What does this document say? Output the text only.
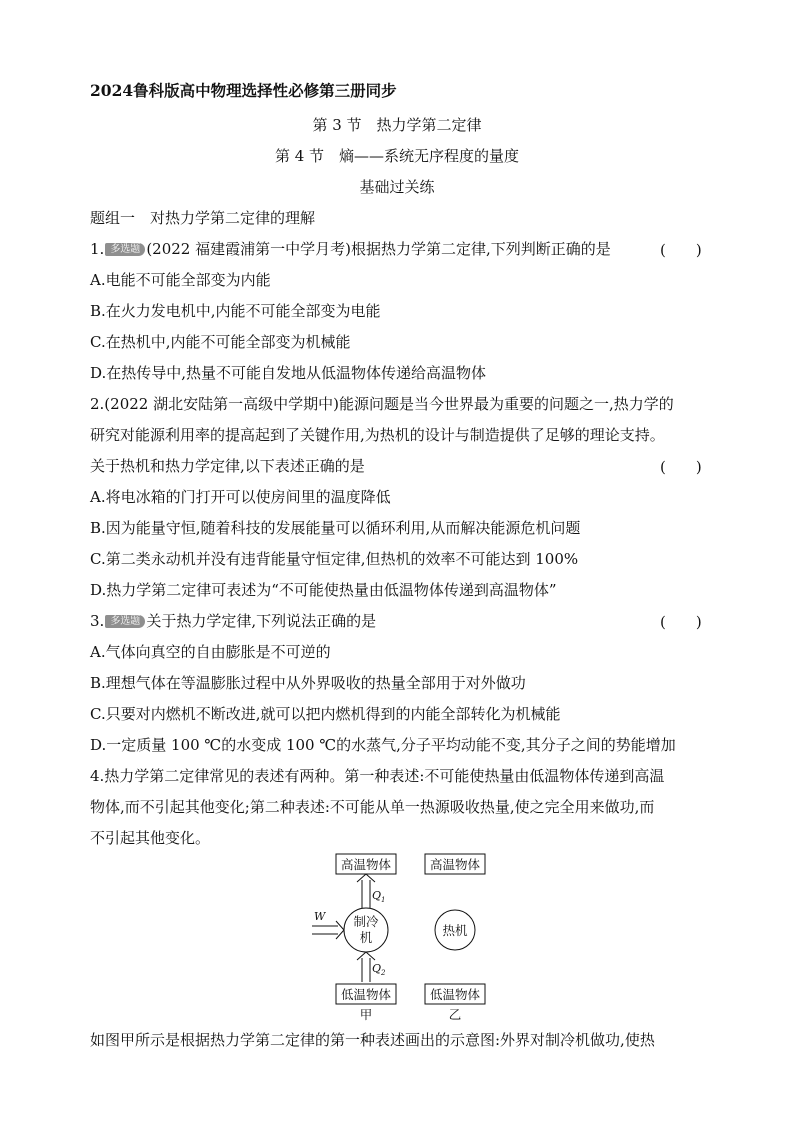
2024鲁科版高中物理选择性必修第三册同步
第 3 节　热力学第二定律
第 4 节　熵——系统无序程度的量度
基础过关练
题组一　对热力学第二定律的理解
1. 多选题 (2022 福建霞浦第一中学月考)根据热力学第二定律,下列判断正确的是	(　　)
A.电能不可能全部变为内能
B.在火力发电机中,内能不可能全部变为电能
C.在热机中,内能不可能全部变为机械能
D.在热传导中,热量不可能自发地从低温物体传递给高温物体
2.(2022 湖北安陆第一高级中学期中)能源问题是当今世界最为重要的问题之一,热力学的
研究对能源利用率的提高起到了关键作用,为热机的设计与制造提供了足够的理论支持。
关于热机和热力学定律,以下表述正确的是	(　　)
A.将电冰箱的门打开可以使房间里的温度降低
B.因为能量守恒,随着科技的发展能量可以循环利用,从而解决能源危机问题
C.第二类永动机并没有违背能量守恒定律,但热机的效率不可能达到 100%
D.热力学第二定律可表述为“不可能使热量由低温物体传递到高温物体”
3. 多选题 关于热力学定律,下列说法正确的是	(　　)
A.气体向真空的自由膨胀是不可逆的
B.理想气体在等温膨胀过程中从外界吸收的热量全部用于对外做功
C.只要对内燃机不断改进,就可以把内燃机得到的内能全部转化为机械能
D.一定质量 100 ℃的水变成 100 ℃的水蒸气,分子平均动能不变,其分子之间的势能增加
4.热力学第二定律常见的表述有两种。第一种表述:不可能使热量由低温物体传递到高温
物体,而不引起其他变化;第二种表述:不可能从单一热源吸收热量,使之完全用来做功,而
不引起其他变化。
高温物体	高温物体
$Q_1$
制冷
机
W
热机
$Q_2$
低温物体	低温物体
甲	乙
如图甲所示是根据热力学第二定律的第一种表述画出的示意图:外界对制冷机做功,使热
